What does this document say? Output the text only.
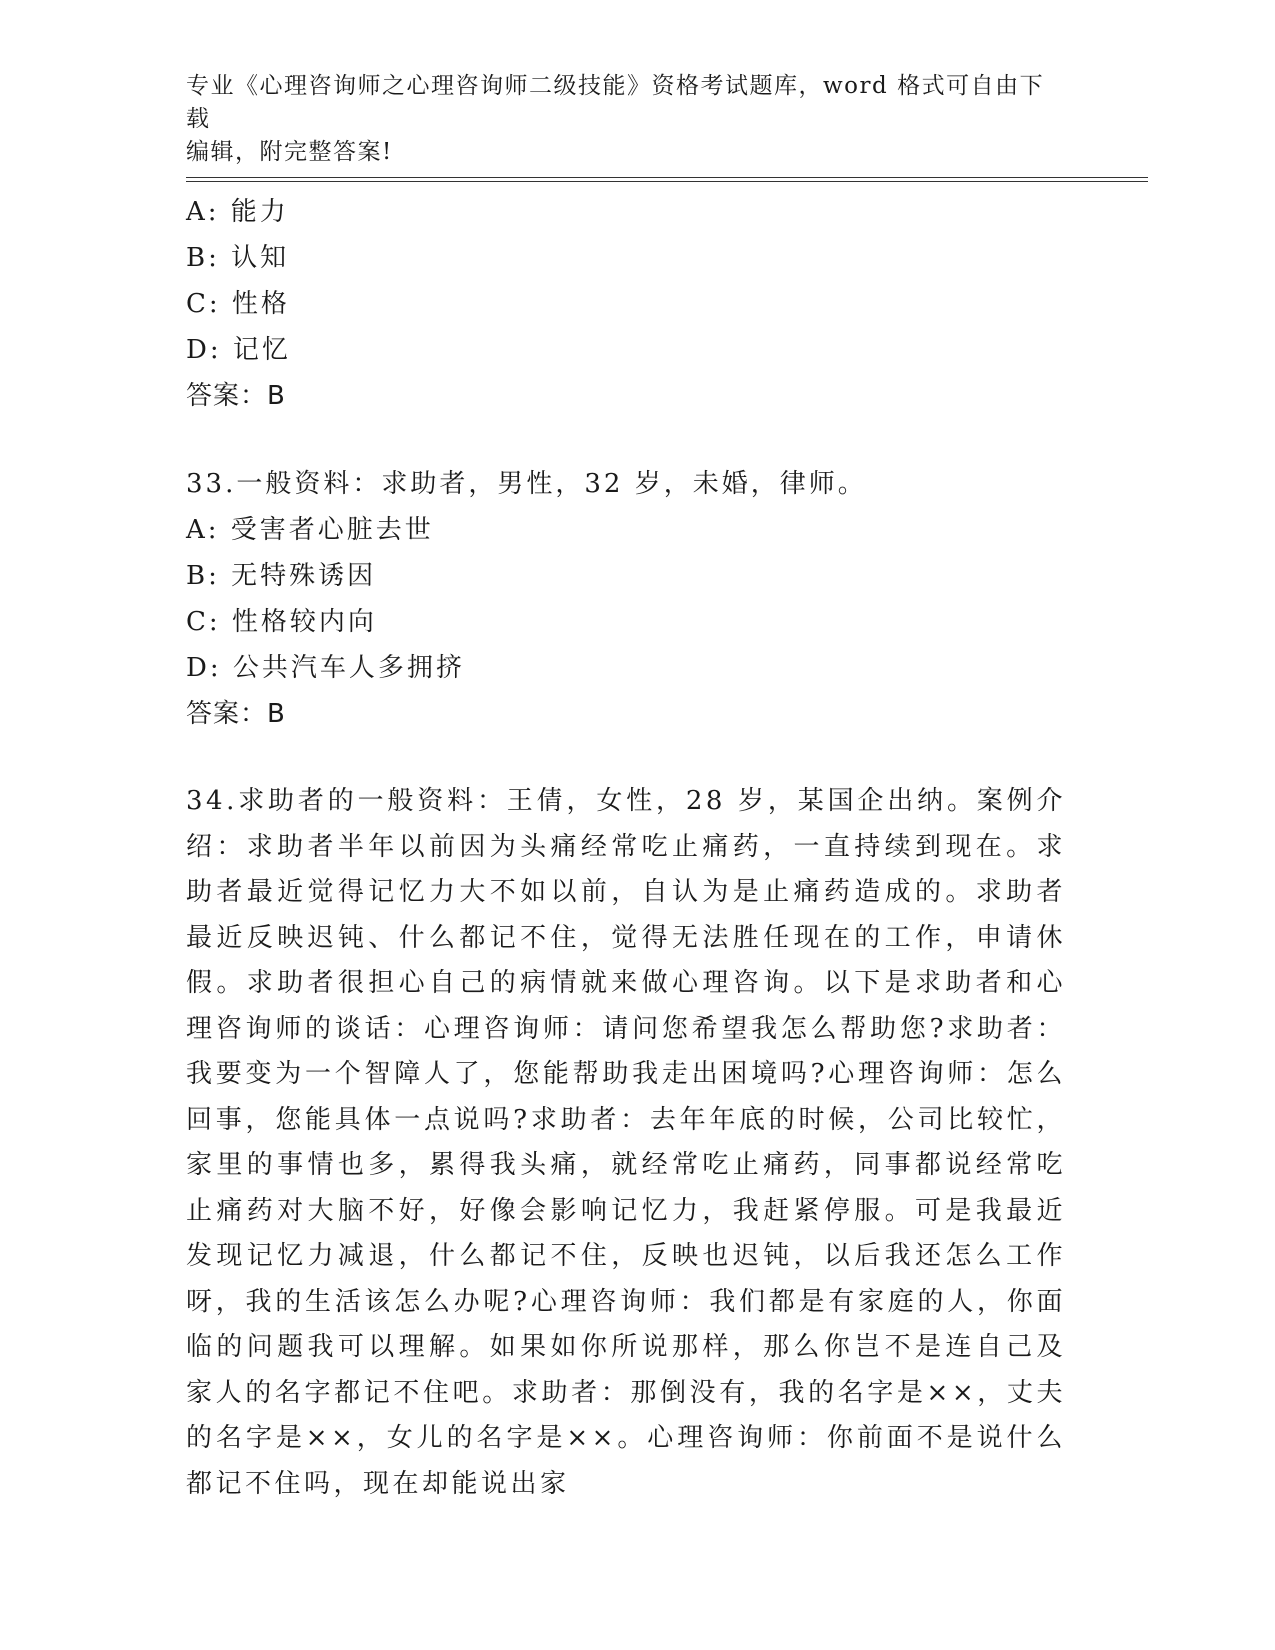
专业《心理咨询师之心理咨询师二级技能》资格考试题库，word 格式可自由下载
编辑，附完整答案!
A: 能力
B: 认知
C: 性格
D: 记忆
答案：B
33.一般资料：求助者，男性，32 岁，未婚，律师。
A: 受害者心脏去世
B: 无特殊诱因
C: 性格较内向
D: 公共汽车人多拥挤
答案：B
34.求助者的一般资料：王倩，女性，28 岁，某国企出纳。案例介绍：求助者半年以前因为头痛经常吃止痛药，一直持续到现在。求助者最近觉得记忆力大不如以前，自认为是止痛药造成的。求助者最近反映迟钝、什么都记不住，觉得无法胜任现在的工作，申请休假。求助者很担心自己的病情就来做心理咨询。以下是求助者和心理咨询师的谈话：心理咨询师：请问您希望我怎么帮助您?求助者：我要变为一个智障人了，您能帮助我走出困境吗?心理咨询师：怎么回事，您能具体一点说吗?求助者：去年年底的时候，公司比较忙，家里的事情也多，累得我头痛，就经常吃止痛药，同事都说经常吃止痛药对大脑不好，好像会影响记忆力，我赶紧停服。可是我最近发现记忆力减退，什么都记不住，反映也迟钝，以后我还怎么工作呀，我的生活该怎么办呢?心理咨询师：我们都是有家庭的人，你面临的问题我可以理解。如果如你所说那样，那么你岂不是连自己及家人的名字都记不住吧。求助者：那倒没有，我的名字是××，丈夫的名字是××，女儿的名字是××。心理咨询师：你前面不是说什么都记不住吗，现在却能说出家
